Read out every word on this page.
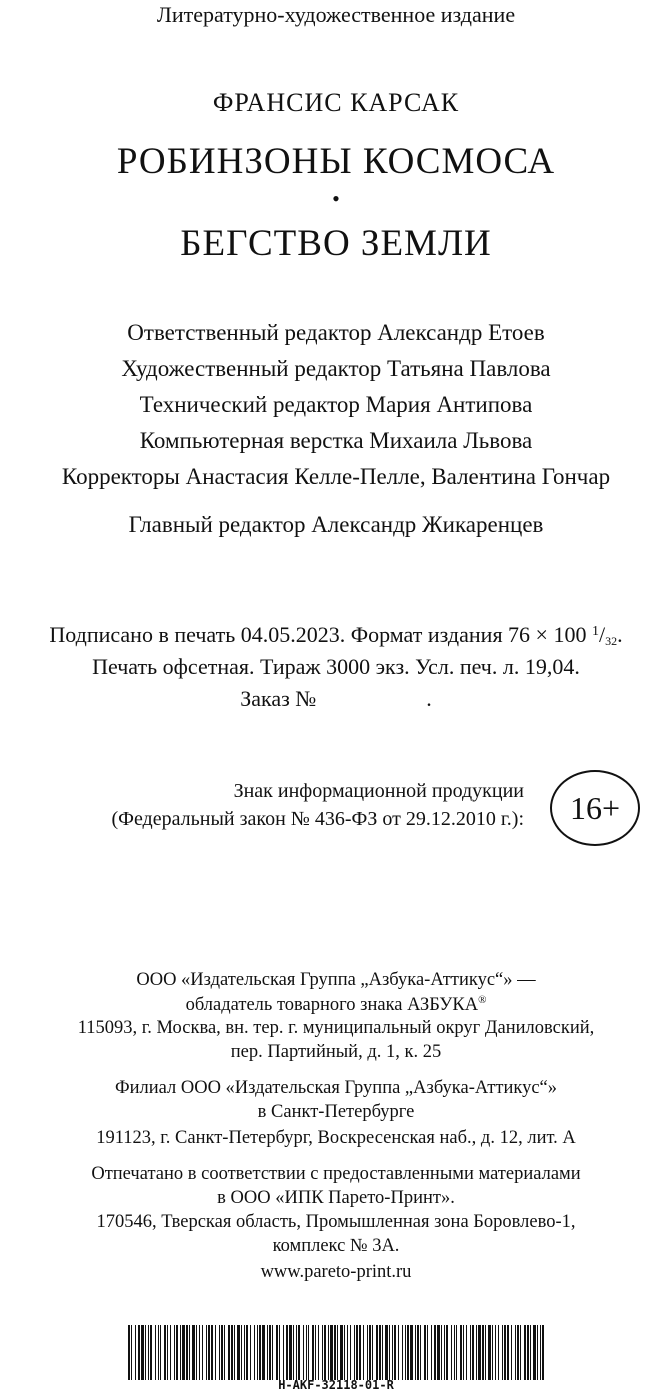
Литературно-художественное издание
ФРАНСИС КАРСАК
РОБИНЗОНЫ КОСМОСА
•
БЕГСТВО ЗЕМЛИ
Ответственный редактор Александр Етоев
Художественный редактор Татьяна Павлова
Технический редактор Мария Антипова
Компьютерная верстка Михаила Львова
Корректоры Анастасия Келле-Пелле, Валентина Гончар
Главный редактор Александр Жикаренцев
Подписано в печать 04.05.2023. Формат издания 76 × 100 $^1/_{32}$.
Печать офсетная. Тираж 3000 экз. Усл. печ. л. 19,04.
Заказ №	.
Знак информационной продукции
(Федеральный закон № 436-ФЗ от 29.12.2010 г.): 16+
ООО «Издательская Группа „Азбука-Аттикус“» —
обладатель товарного знака АЗБУКА®
115093, г. Москва, вн. тер. г. муниципальный округ Даниловский,
пер. Партийный, д. 1, к. 25
Филиал ООО «Издательская Группа „Азбука-Аттикус“»
в Санкт-Петербурге
191123, г. Санкт-Петербург, Воскресенская наб., д. 12, лит. А
Отпечатано в соответствии с предоставленными материалами
в ООО «ИПК Парето-Принт».
170546, Тверская область, Промышленная зона Боровлево-1,
комплекс № 3А.
www.pareto-print.ru
H-AKF-32118-01-R
